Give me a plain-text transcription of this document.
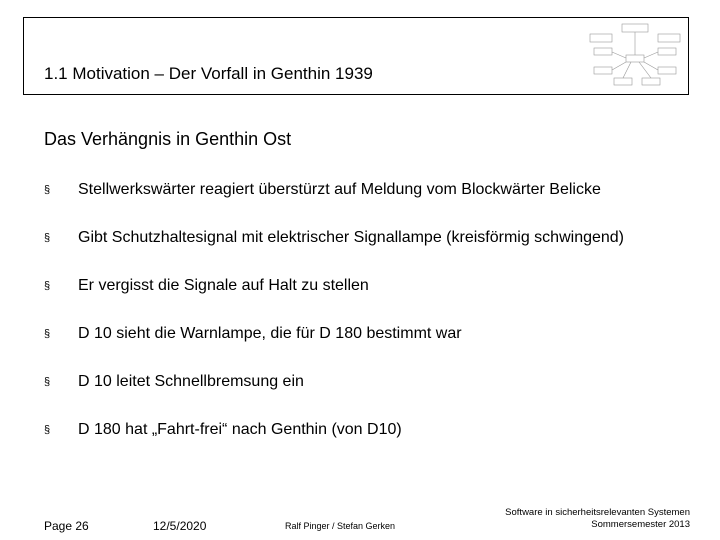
1.1 Motivation – Der Vorfall in Genthin 1939
Das Verhängnis in Genthin Ost
§ Stellwerkswärter reagiert überstürzt auf Meldung vom Blockwärter Belicke
§ Gibt Schutzhaltesignal mit elektrischer Signallampe (kreisförmig schwingend)
§ Er vergisst die Signale auf Halt zu stellen
§ D 10 sieht die Warnlampe, die für D 180 bestimmt war
§ D 10 leitet Schnellbremsung ein
§ D 180 hat „Fahrt-frei“ nach Genthin (von D10)
Page 26	12/5/2020	Ralf Pinger / Stefan Gerken
Software in sicherheitsrelevanten Systemen
Sommersemester 2013
